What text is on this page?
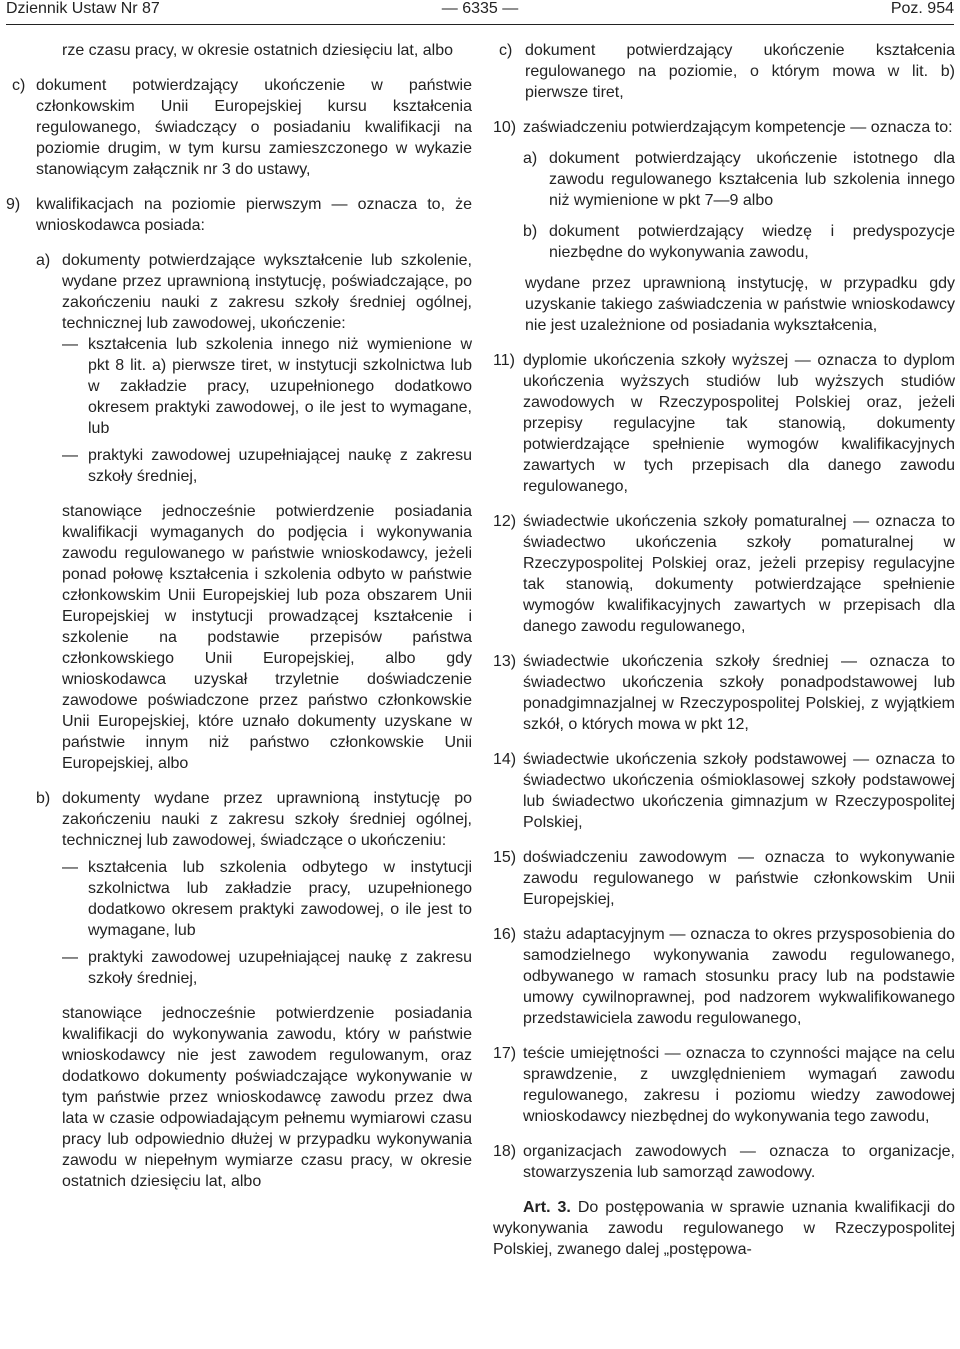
Dziennik Ustaw Nr 87	— 6335 —	Poz. 954

rze czasu pracy, w okresie ostatnich dziesięciu lat, albo

c) dokument potwierdzający ukończenie w państwie członkowskim Unii Europejskiej kursu kształcenia regulowanego, świadczący o posiadaniu kwalifikacji na poziomie drugim, w tym kursu zamieszczonego w wykazie stanowiącym załącznik nr 3 do ustawy,

9) kwalifikacjach na poziomie pierwszym — oznacza to, że wnioskodawca posiada:

a) dokumenty potwierdzające wykształcenie lub szkolenie, wydane przez uprawnioną instytucję, poświadczające, po zakończeniu nauki z zakresu szkoły średniej ogólnej, technicznej lub zawodowej, ukończenie:

— kształcenia lub szkolenia innego niż wymienione w pkt 8 lit. a) pierwsze tiret, w instytucji szkolnictwa lub w zakładzie pracy, uzupełnionego dodatkowo okresem praktyki zawodowej, o ile jest to wymagane, lub

— praktyki zawodowej uzupełniającej naukę z zakresu szkoły średniej,

stanowiące jednocześnie potwierdzenie posiadania kwalifikacji wymaganych do podjęcia i wykonywania zawodu regulowanego w państwie wnioskodawcy, jeżeli ponad połowę kształcenia i szkolenia odbyto w państwie członkowskim Unii Europejskiej lub poza obszarem Unii Europejskiej w instytucji prowadzącej kształcenie i szkolenie na podstawie przepisów państwa członkowskiego Unii Europejskiej, albo gdy wnioskodawca uzyskał trzyletnie doświadczenie zawodowe poświadczone przez państwo członkowskie Unii Europejskiej, które uznało dokumenty uzyskane w państwie innym niż państwo członkowskie Unii Europejskiej, albo

b) dokumenty wydane przez uprawnioną instytucję po zakończeniu nauki z zakresu szkoły średniej ogólnej, technicznej lub zawodowej, świadczące o ukończeniu:

— kształcenia lub szkolenia odbytego w instytucji szkolnictwa lub zakładzie pracy, uzupełnionego dodatkowo okresem praktyki zawodowej, o ile jest to wymagane, lub

— praktyki zawodowej uzupełniającej naukę z zakresu szkoły średniej,

stanowiące jednocześnie potwierdzenie posiadania kwalifikacji do wykonywania zawodu, który w państwie wnioskodawcy nie jest zawodem regulowanym, oraz dodatkowo dokumenty poświadczające wykonywanie w tym państwie przez wnioskodawcę zawodu przez dwa lata w czasie odpowiadającym pełnemu wymiarowi czasu pracy lub odpowiednio dłużej w przypadku wykonywania zawodu w niepełnym wymiarze czasu pracy, w okresie ostatnich dziesięciu lat, albo

c) dokument potwierdzający ukończenie kształcenia regulowanego na poziomie, o którym mowa w lit. b) pierwsze tiret,

10) zaświadczeniu potwierdzającym kompetencje — oznacza to:

a) dokument potwierdzający ukończenie istotnego dla zawodu regulowanego kształcenia lub szkolenia innego niż wymienione w pkt 7—9 albo

b) dokument potwierdzający wiedzę i predyspozycje niezbędne do wykonywania zawodu,

wydane przez uprawnioną instytucję, w przypadku gdy uzyskanie takiego zaświadczenia w państwie wnioskodawcy nie jest uzależnione od posiadania wykształcenia,

11) dyplomie ukończenia szkoły wyższej — oznacza to dyplom ukończenia wyższych studiów lub wyższych studiów zawodowych w Rzeczypospolitej Polskiej oraz, jeżeli przepisy regulacyjne tak stanowią, dokumenty potwierdzające spełnienie wymogów kwalifikacyjnych zawartych w tych przepisach dla danego zawodu regulowanego,

12) świadectwie ukończenia szkoły pomaturalnej — oznacza to świadectwo ukończenia szkoły pomaturalnej w Rzeczypospolitej Polskiej oraz, jeżeli przepisy regulacyjne tak stanowią, dokumenty potwierdzające spełnienie wymogów kwalifikacyjnych zawartych w przepisach dla danego zawodu regulowanego,

13) świadectwie ukończenia szkoły średniej — oznacza to świadectwo ukończenia szkoły ponadpodstawowej lub ponadgimnazjalnej w Rzeczypospolitej Polskiej, z wyjątkiem szkół, o których mowa w pkt 12,

14) świadectwie ukończenia szkoły podstawowej — oznacza to świadectwo ukończenia ośmioklasowej szkoły podstawowej lub świadectwo ukończenia gimnazjum w Rzeczypospolitej Polskiej,

15) doświadczeniu zawodowym — oznacza to wykonywanie zawodu regulowanego w państwie członkowskim Unii Europejskiej,

16) stażu adaptacyjnym — oznacza to okres przysposobienia do samodzielnego wykonywania zawodu regulowanego, odbywanego w ramach stosunku pracy lub na podstawie umowy cywilnoprawnej, pod nadzorem wykwalifikowanego przedstawiciela zawodu regulowanego,

17) teście umiejętności — oznacza to czynności mające na celu sprawdzenie, z uwzględnieniem wymagań zawodu regulowanego, zakresu i poziomu wiedzy zawodowej wnioskodawcy niezbędnej do wykonywania tego zawodu,

18) organizacjach zawodowych — oznacza to organizacje, stowarzyszenia lub samorząd zawodowy.

Art. 3. Do postępowania w sprawie uznania kwalifikacji do wykonywania zawodu regulowanego w Rzeczypospolitej Polskiej, zwanego dalej „postępowa-
